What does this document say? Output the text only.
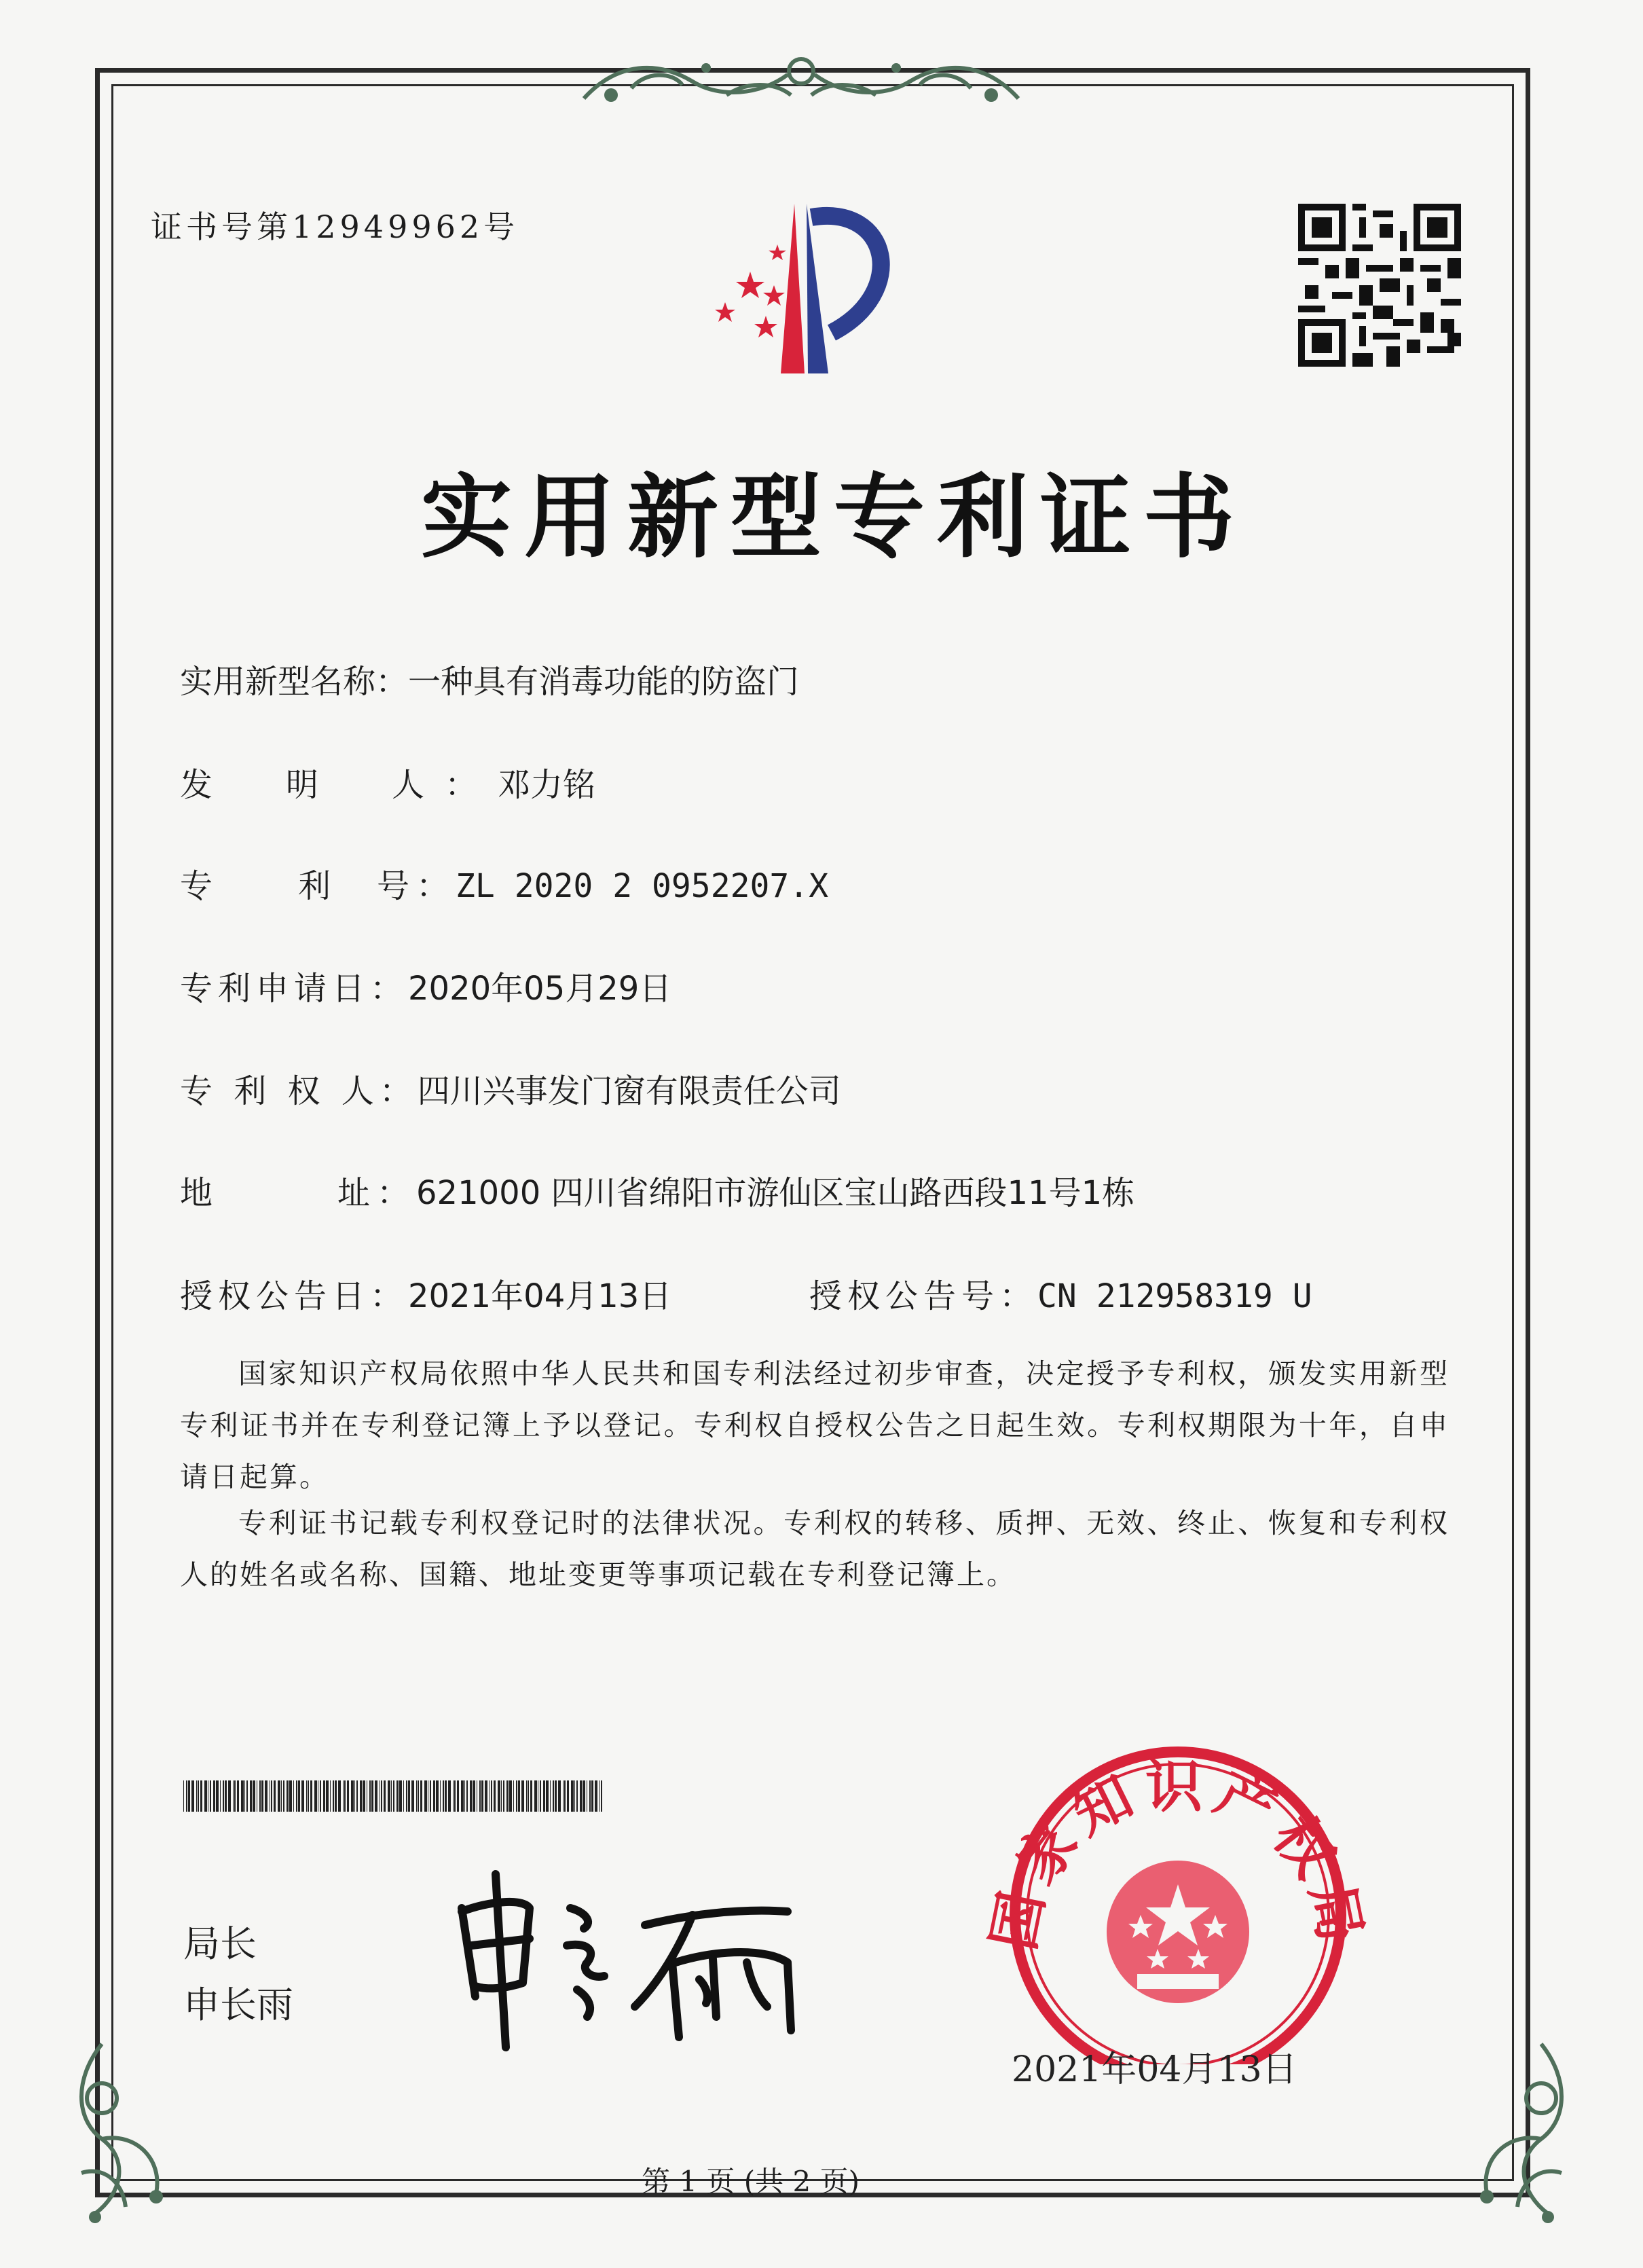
证书号第12949962号
实用新型专利证书
实用新型名称：一种具有消毒功能的防盗门
发　明　人：邓力铭
专　　利　号：ZL 2020 2 0952207.X
专利申请日：2020年05月29日
专 利 权 人：四川兴事发门窗有限责任公司
地　　　址：621000 四川省绵阳市游仙区宝山路西段11号1栋
授权公告日：2021年04月13日	授权公告号：CN 212958319 U
国家知识产权局依照中华人民共和国专利法经过初步审查，决定授予专利权，颁发实用新型专利证书并在专利登记簿上予以登记。专利权自授权公告之日起生效。专利权期限为十年，自申请日起算。
专利证书记载专利权登记时的法律状况。专利权的转移、质押、无效、终止、恢复和专利权人的姓名或名称、国籍、地址变更等事项记载在专利登记簿上。
局长
申长雨
国家知识产权局
2021年04月13日
第 1 页 (共 2 页)
